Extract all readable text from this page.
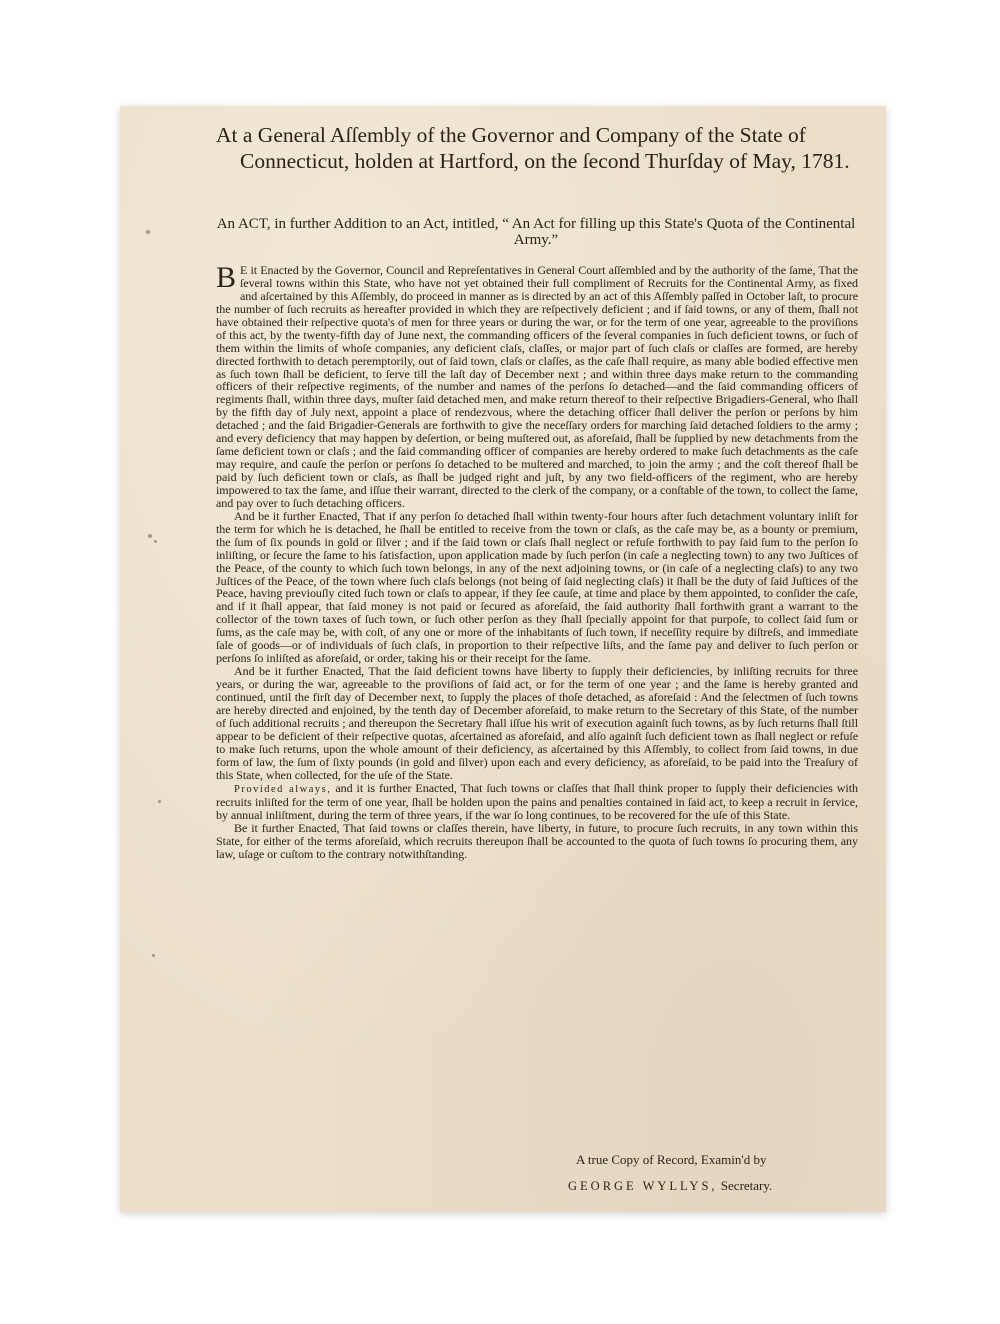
At a General Aſſembly of the Governor and Company of the State of Connecticut, holden at Hartford, on the ſecond Thurſday of May, 1781.

An ACT, in further Addition to an Act, intitled, “ An Act for filling up this State's Quota of the Continental Army.”

B E it Enacted by the Governor, Council and Repreſentatives in General Court aſſembled and by the authority of the ſame, That the ſeveral towns within this State, who have not yet obtained their full compliment of Recruits for the Continental Army, as fixed and aſcertained by this Aſſembly, do proceed in manner as is directed by an act of this Aſſembly paſſed in October laſt, to procure the number of ſuch recruits as hereafter provided in which they are reſpectively deficient ; and if ſaid towns, or any of them, ſhall not have obtained their reſpective quota's of men for three years or during the war, or for the term of one year, agreeable to the proviſions of this act, by the twenty-fifth day of June next, the commanding officers of the ſeveral companies in ſuch deficient towns, or ſuch of them within the limits of whoſe companies, any deficient claſs, claſſes, or major part of ſuch claſs or claſſes are formed, are hereby directed forthwith to detach peremptorily, out of ſaid town, claſs or claſſes, as the caſe ſhall require, as many able bodied effective men as ſuch town ſhall be deficient, to ſerve till the laſt day of December next ; and within three days make return to the commanding officers of their reſpective regiments, of the number and names of the perſons ſo detached—and the ſaid commanding officers of regiments ſhall, within three days, muſter ſaid detached men, and make return thereof to their reſpective Brigadiers-General, who ſhall by the fifth day of July next, appoint a place of rendezvous, where the detaching officer ſhall deliver the perſon or perſons by him detached ; and the ſaid Brigadier-Generals are forthwith to give the neceſſary orders for marching ſaid detached ſoldiers to the army ; and every deficiency that may happen by deſertion, or being muſtered out, as aforeſaid, ſhall be ſupplied by new detachments from the ſame deficient town or claſs ; and the ſaid commanding officer of companies are hereby ordered to make ſuch detachments as the caſe may require, and cauſe the perſon or perſons ſo detached to be muſtered and marched, to join the army ; and the coſt thereof ſhall be paid by ſuch deficient town or claſs, as ſhall be judged right and juſt, by any two field-officers of the regiment, who are hereby impowered to tax the ſame, and iſſue their warrant, directed to the clerk of the company, or a conſtable of the town, to collect the ſame, and pay over to ſuch detaching officers.

And be it further Enacted, That if any perſon ſo detached ſhall within twenty-four hours after ſuch detachment voluntary inliſt for the term for which he is detached, he ſhall be entitled to receive from the town or claſs, as the caſe may be, as a bounty or premium, the ſum of ſix pounds in gold or ſilver ; and if the ſaid town or claſs ſhall neglect or refuſe forthwith to pay ſaid ſum to the perſon ſo inliſting, or ſecure the ſame to his ſatisfaction, upon application made by ſuch perſon (in caſe a neglecting town) to any two Juſtices of the Peace, of the county to which ſuch town belongs, in any of the next adjoining towns, or (in caſe of a neglecting claſs) to any two Juſtices of the Peace, of the town where ſuch claſs belongs (not being of ſaid neglecting claſs) it ſhall be the duty of ſaid Juſtices of the Peace, having previouſly cited ſuch town or claſs to appear, if they ſee cauſe, at time and place by them appointed, to conſider the caſe, and if it ſhall appear, that ſaid money is not paid or ſecured as aforeſaid, the ſaid authority ſhall forthwith grant a warrant to the collector of the town taxes of ſuch town, or ſuch other perſon as they ſhall ſpecially appoint for that purpoſe, to collect ſaid ſum or ſums, as the caſe may be, with coſt, of any one or more of the inhabitants of ſuch town, if neceſſity require by diſtreſs, and immediate ſale of goods—or of individuals of ſuch claſs, in proportion to their reſpective liſts, and the ſame pay and deliver to ſuch perſon or perſons ſo inliſted as aforeſaid, or order, taking his or their receipt for the ſame.

And be it further Enacted, That the ſaid deficient towns have liberty to ſupply their deficiencies, by inliſting recruits for three years, or during the war, agreeable to the proviſions of ſaid act, or for the term of one year ; and the ſame is hereby granted and continued, until the firſt day of December next, to ſupply the places of thoſe detached, as aforeſaid : And the ſelectmen of ſuch towns are hereby directed and enjoined, by the tenth day of December aforeſaid, to make return to the Secretary of this State, of the number of ſuch additional recruits ; and thereupon the Secretary ſhall iſſue his writ of execution againſt ſuch towns, as by ſuch returns ſhall ſtill appear to be deficient of their reſpective quotas, aſcertained as aforeſaid, and alſo againſt ſuch deficient town as ſhall neglect or refuſe to make ſuch returns, upon the whole amount of their deficiency, as aſcertained by this Aſſembly, to collect from ſaid towns, in due form of law, the ſum of ſixty pounds (in gold and ſilver) upon each and every deficiency, as aforeſaid, to be paid into the Treaſury of this State, when collected, for the uſe of the State.

Provided always, and it is further Enacted, That ſuch towns or claſſes that ſhall think proper to ſupply their deficiencies with recruits inliſted for the term of one year, ſhall be holden upon the pains and penalties contained in ſaid act, to keep a recruit in ſervice, by annual inliſtment, during the term of three years, if the war ſo long continues, to be recovered for the uſe of this State.

Be it further Enacted, That ſaid towns or claſſes therein, have liberty, in future, to procure ſuch recruits, in any town within this State, for either of the terms aforeſaid, which recruits thereupon ſhall be accounted to the quota of ſuch towns ſo procuring them, any law, uſage or cuſtom to the contrary notwithſtanding.

A true Copy of Record, Examin'd by

GEORGE WYLLYS, Secretary.
